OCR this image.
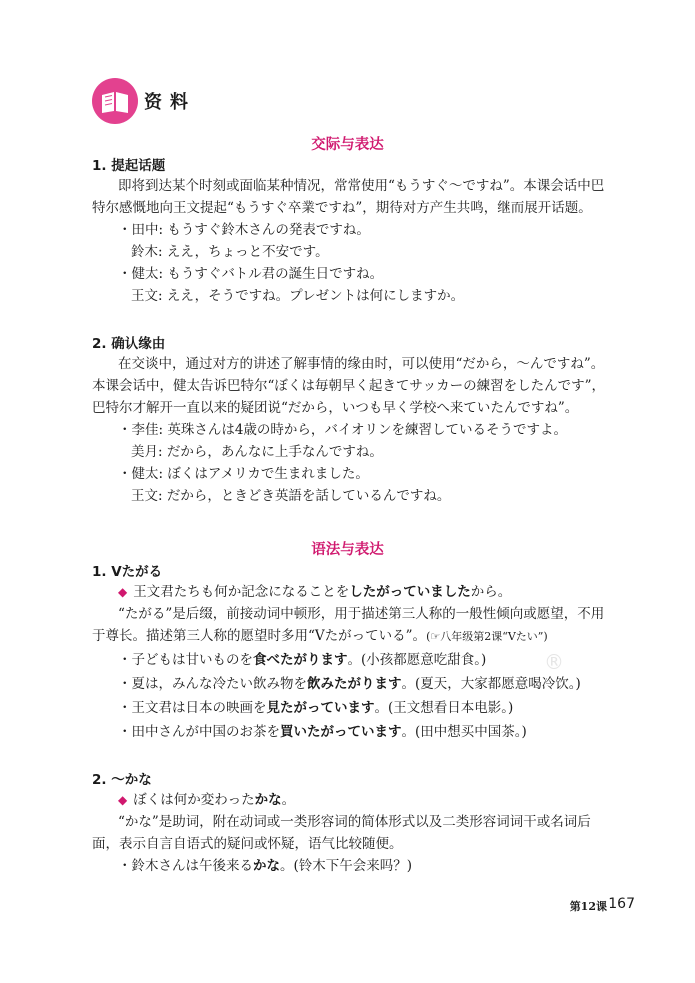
资料
交际与表达
1. 提起话题
即将到达某个时刻或面临某种情况，常常使用“もうすぐ〜ですね”。本课会话中巴
特尔感慨地向王文提起“もうすぐ卒業ですね”，期待对方产生共鸣，继而展开话题。
・田中: もうすぐ鈴木さんの発表ですね。
鈴木: ええ，ちょっと不安です。
・健太: もうすぐバトル君の誕生日ですね。
王文: ええ，そうですね。プレゼントは何にしますか。
2. 确认缘由
在交谈中，通过对方的讲述了解事情的缘由时，可以使用“だから，〜んですね”。
本课会话中，健太告诉巴特尔“ぼくは毎朝早く起きてサッカーの練習をしたんです”，
巴特尔才解开一直以来的疑团说“だから，いつも早く学校へ来ていたんですね”。
・李佳: 英珠さんは4歳の時から，バイオリンを練習しているそうですよ。
美月: だから，あんなに上手なんですね。
・健太: ぼくはアメリカで生まれました。
王文: だから，ときどき英語を話しているんですね。
语法与表达
1. Vたがる
◆ 王文君たちも何か記念になることをしたがっていましたから。
“たがる”是后缀，前接动词中顿形，用于描述第三人称的一般性倾向或愿望，不用
于尊长。描述第三人称的愿望时多用“Vたがっている”。(☞八年级第2课“Vたい”)
・子どもは甘いものを食べたがります。(小孩都愿意吃甜食。)
・夏は，みんな冷たい飲み物を飲みたがります。(夏天，大家都愿意喝冷饮。)
・王文君は日本の映画を見たがっています。(王文想看日本电影。)
・田中さんが中国のお茶を買いたがっています。(田中想买中国茶。)
2. 〜かな
◆ ぼくは何か変わったかな。
“かな”是助词，附在动词或一类形容词的简体形式以及二类形容词词干或名词后
面，表示自言自语式的疑问或怀疑，语气比较随便。
・鈴木さんは午後来るかな。(铃木下午会来吗？)
®
第12课 167
